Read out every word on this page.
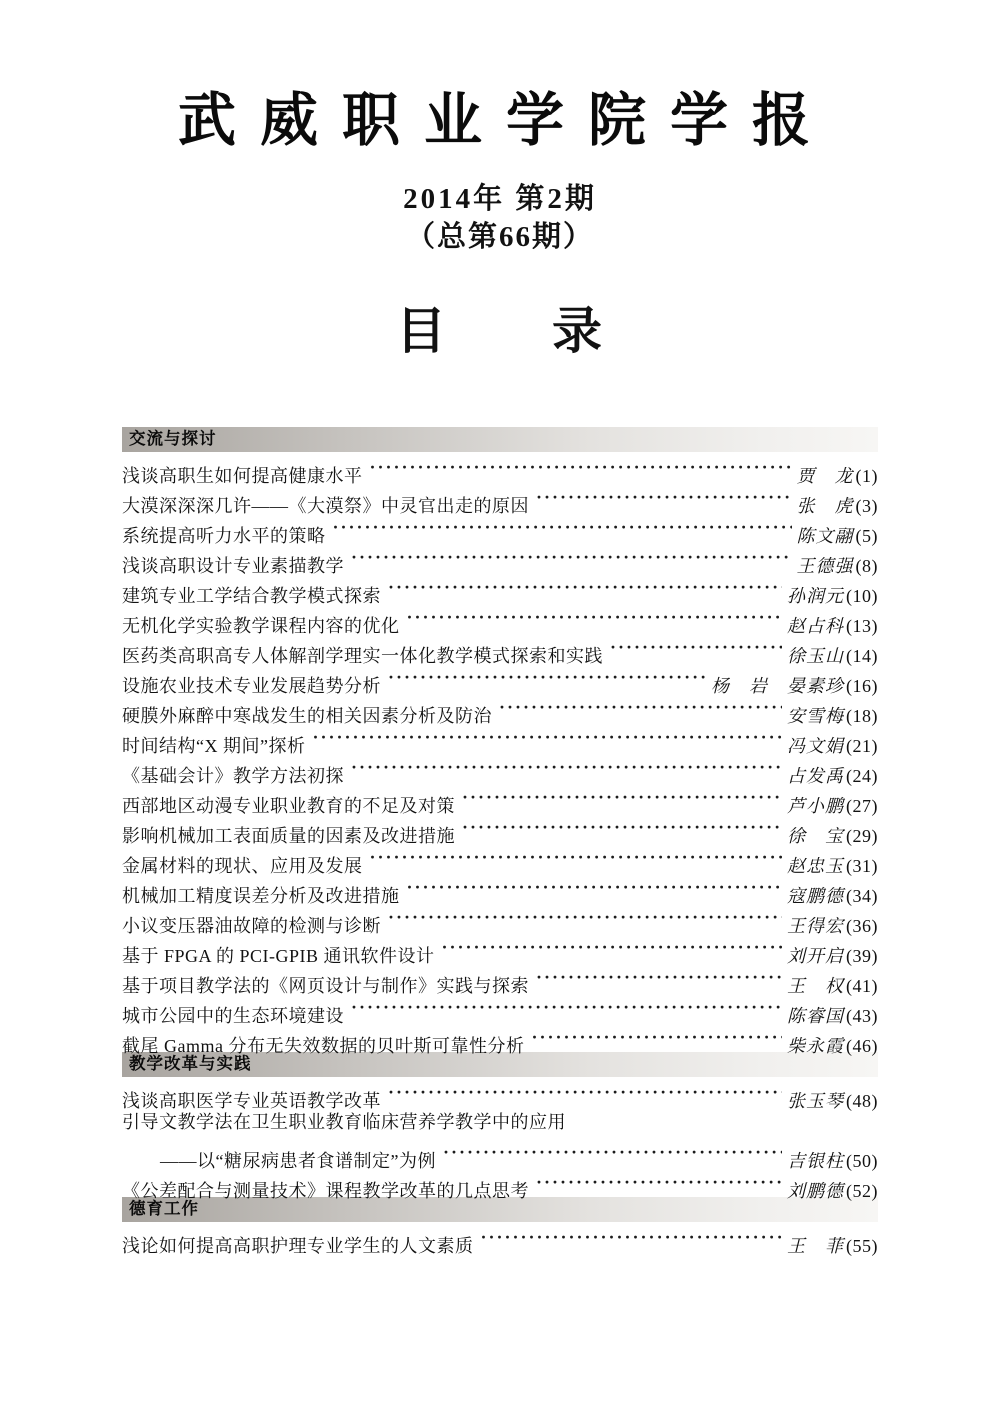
武威职业学院学报
2014年 第2期
（总第66期）
目　　录
交流与探讨
浅谈高职生如何提高健康水平 ·····	贾　龙 (1)
大漠深深深几许——《大漠祭》中灵官出走的原因 ·····	张　虎 (3)
系统提高听力水平的策略 ·····	陈文翮 (5)
浅谈高职设计专业素描教学 ·····	王德强 (8)
建筑专业工学结合教学模式探索 ·····	孙润元 (10)
无机化学实验教学课程内容的优化 ·····	赵占科 (13)
医药类高职高专人体解剖学理实一体化教学模式探索和实践 ·····	徐玉山 (14)
设施农业技术专业发展趋势分析 ·····	杨　岩　晏素珍 (16)
硬膜外麻醉中寒战发生的相关因素分析及防治 ·····	安雪梅 (18)
时间结构“X 期间”探析 ·····	冯文娟 (21)
《基础会计》教学方法初探 ·····	占发禹 (24)
西部地区动漫专业职业教育的不足及对策 ·····	芦小鹏 (27)
影响机械加工表面质量的因素及改进措施 ·····	徐　宝 (29)
金属材料的现状、应用及发展 ·····	赵忠玉 (31)
机械加工精度误差分析及改进措施 ·····	寇鹏德 (34)
小议变压器油故障的检测与诊断 ·····	王得宏 (36)
基于 FPGA 的 PCI-GPIB 通讯软件设计 ·····	刘开启 (39)
基于项目教学法的《网页设计与制作》实践与探索 ·····	王　权 (41)
城市公园中的生态环境建设 ·····	陈睿国 (43)
截尾 Gamma 分布无失效数据的贝叶斯可靠性分析 ·····	柴永霞 (46)
教学改革与实践
浅谈高职医学专业英语教学改革 ·····	张玉琴 (48)
引导文教学法在卫生职业教育临床营养学教学中的应用
——以“糖尿病患者食谱制定”为例 ·····	吉银柱 (50)
《公差配合与测量技术》课程教学改革的几点思考 ·····	刘鹏德 (52)
德育工作
浅论如何提高高职护理专业学生的人文素质 ·····	王　菲 (55)
